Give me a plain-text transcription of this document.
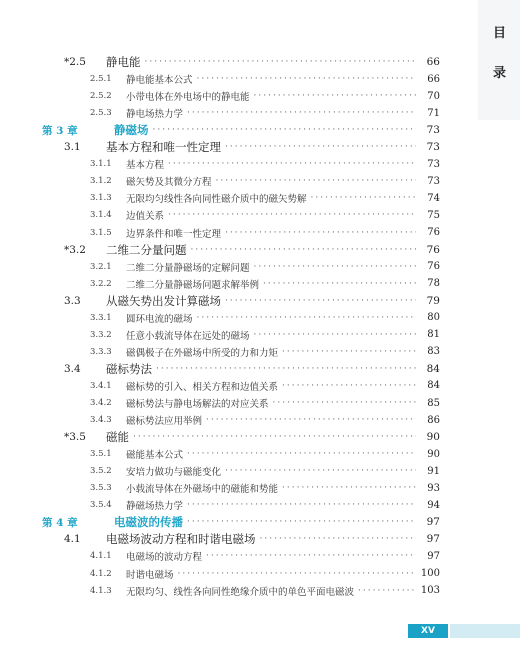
目
录
*2.5	静电能 ·····	66
2.5.1	静电能基本公式 ·····	66
2.5.2	小带电体在外电场中的静电能 ·····	70
2.5.3	静电场热力学 ·····	71
第 3 章	静磁场 ·····	73
3.1	基本方程和唯一性定理 ·····	73
3.1.1	基本方程 ·····	73
3.1.2	磁矢势及其微分方程 ·····	73
3.1.3	无限均匀线性各向同性磁介质中的磁矢势解 ·····	74
3.1.4	边值关系 ·····	75
3.1.5	边界条件和唯一性定理 ·····	76
*3.2	二维二分量问题 ·····	76
3.2.1	二维二分量静磁场的定解问题 ·····	76
3.2.2	二维二分量静磁场问题求解举例 ·····	78
3.3	从磁矢势出发计算磁场 ·····	79
3.3.1	圆环电流的磁场 ·····	80
3.3.2	任意小载流导体在远处的磁场 ·····	81
3.3.3	磁偶极子在外磁场中所受的力和力矩 ·····	83
3.4	磁标势法 ·····	84
3.4.1	磁标势的引入、相关方程和边值关系 ·····	84
3.4.2	磁标势法与静电场解法的对应关系 ·····	85
3.4.3	磁标势法应用举例 ·····	86
*3.5	磁能 ·····	90
3.5.1	磁能基本公式 ·····	90
3.5.2	安培力做功与磁能变化 ·····	91
3.5.3	小载流导体在外磁场中的磁能和势能 ·····	93
3.5.4	静磁场热力学 ·····	94
第 4 章	电磁波的传播 ·····	97
4.1	电磁场波动方程和时谐电磁场 ·····	97
4.1.1	电磁场的波动方程 ·····	97
4.1.2	时谐电磁场 ·····	100
4.1.3	无限均匀、线性各向同性绝缘介质中的单色平面电磁波 ·····	103
XV
